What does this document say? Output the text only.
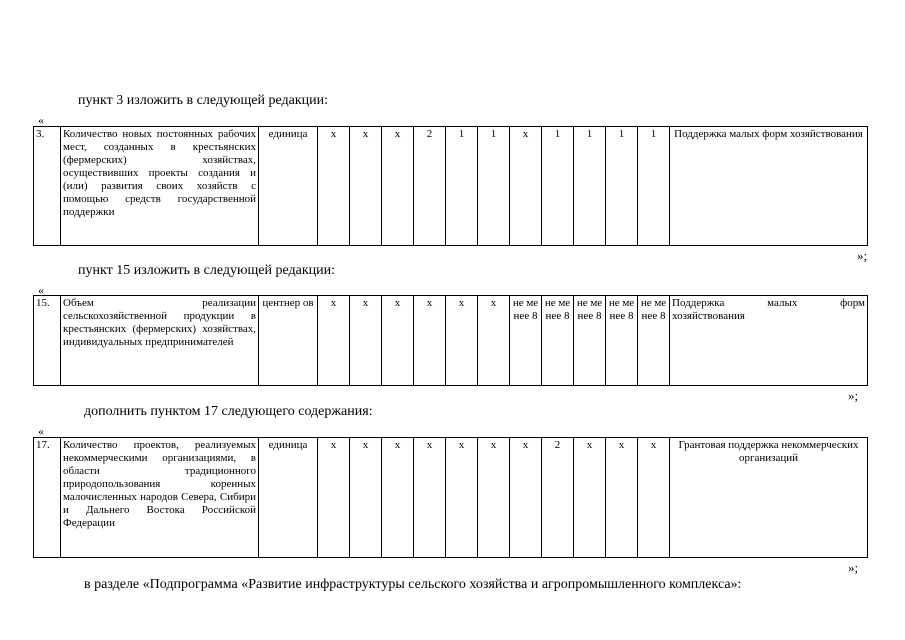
пункт 3 изложить в следующей редакции:
«
3.	Количество новых постоянных рабочих мест, созданных в крестьянских (фермерских) хозяйствах, осуществивших проекты создания и (или) развития своих хозяйств с помощью средств государственной поддержки	единица	х	х	х	2	1	1	х	1	1	1	1	Поддержка малых форм хозяйствования
»;
пункт 15 изложить в следующей редакции:
«
15.	Объем реализации сельскохозяйственной продукции в крестьянских (фермерских) хозяйствах, индивидуальных предпринимателей	центнер ов	х	х	х	х	х	х	не ме нее 8	не ме нее 8	не ме нее 8	не ме нее 8	не ме нее 8	Поддержка малых форм
хозяйствования
»;
дополнить пунктом 17 следующего содержания:
«
17.	Количество проектов, реализуемых некоммерческими организациями, в области традиционного природопользования коренных малочисленных народов Севера, Сибири и Дальнего Востока Российской Федерации	единица	х	х	х	х	х	х	х	2	х	х	х	Грантовая поддержка некоммерческих организаций
»;
в разделе «Подпрограмма «Развитие инфраструктуры сельского хозяйства и агропромышленного комплекса»:
